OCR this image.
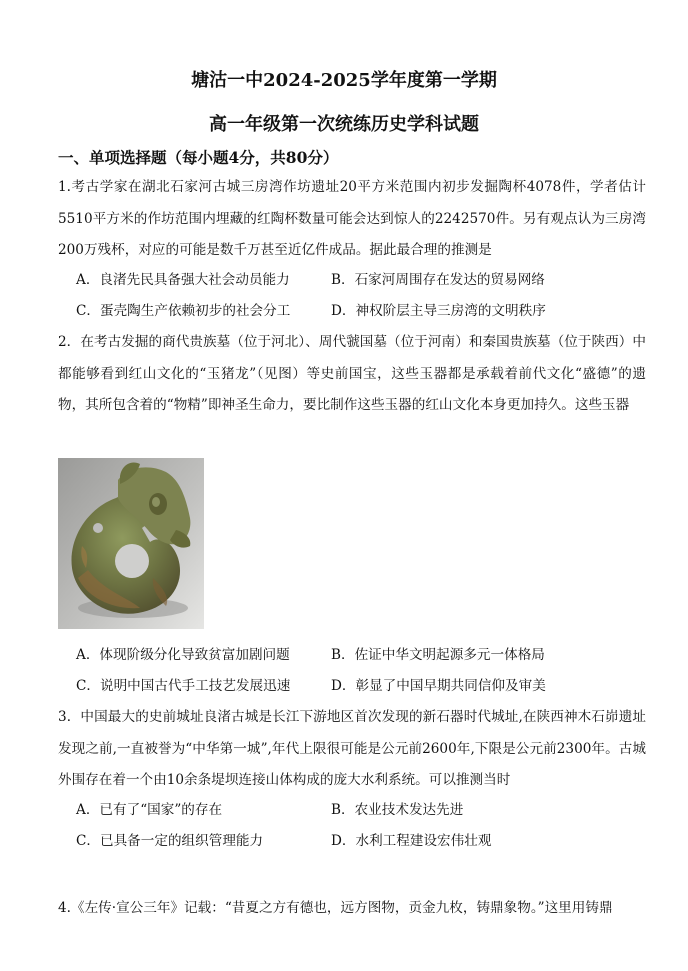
塘沽一中2024-2025学年度第一学期
高一年级第一次统练历史学科试题
一、单项选择题（每小题4分，共80分）
1.考古学家在湖北石家河古城三房湾作坊遗址20平方米范围内初步发掘陶杯4078件，学者估计5510平方米的作坊范围内埋藏的红陶杯数量可能会达到惊人的2242570件。另有观点认为三房湾200万残杯，对应的可能是数千万甚至近亿件成品。据此最合理的推测是
A．良渚先民具备强大社会动员能力	B．石家河周围存在发达的贸易网络
C．蛋壳陶生产依赖初步的社会分工	D．神权阶层主导三房湾的文明秩序
2．在考古发掘的商代贵族墓（位于河北）、周代虢国墓（位于河南）和秦国贵族墓（位于陕西）中都能够看到红山文化的“玉猪龙”（见图）等史前国宝，这些玉器都是承载着前代文化“盛德”的遗物，其所包含着的“物精”即神圣生命力，要比制作这些玉器的红山文化本身更加持久。这些玉器
A．体现阶级分化导致贫富加剧问题	B．佐证中华文明起源多元一体格局
C．说明中国古代手工技艺发展迅速	D．彰显了中国早期共同信仰及审美
3．中国最大的史前城址良渚古城是长江下游地区首次发现的新石器时代城址,在陕西神木石峁遗址发现之前,一直被誉为“中华第一城”,年代上限很可能是公元前2600年,下限是公元前2300年。古城外围存在着一个由10余条堤坝连接山体构成的庞大水利系统。可以推测当时
A．已有了“国家”的存在	B．农业技术发达先进
C．已具备一定的组织管理能力	D．水利工程建设宏伟壮观
4.《左传·宣公三年》记载：“昔夏之方有德也，远方图物，贡金九枚，铸鼎象物。”这里用铸鼎
